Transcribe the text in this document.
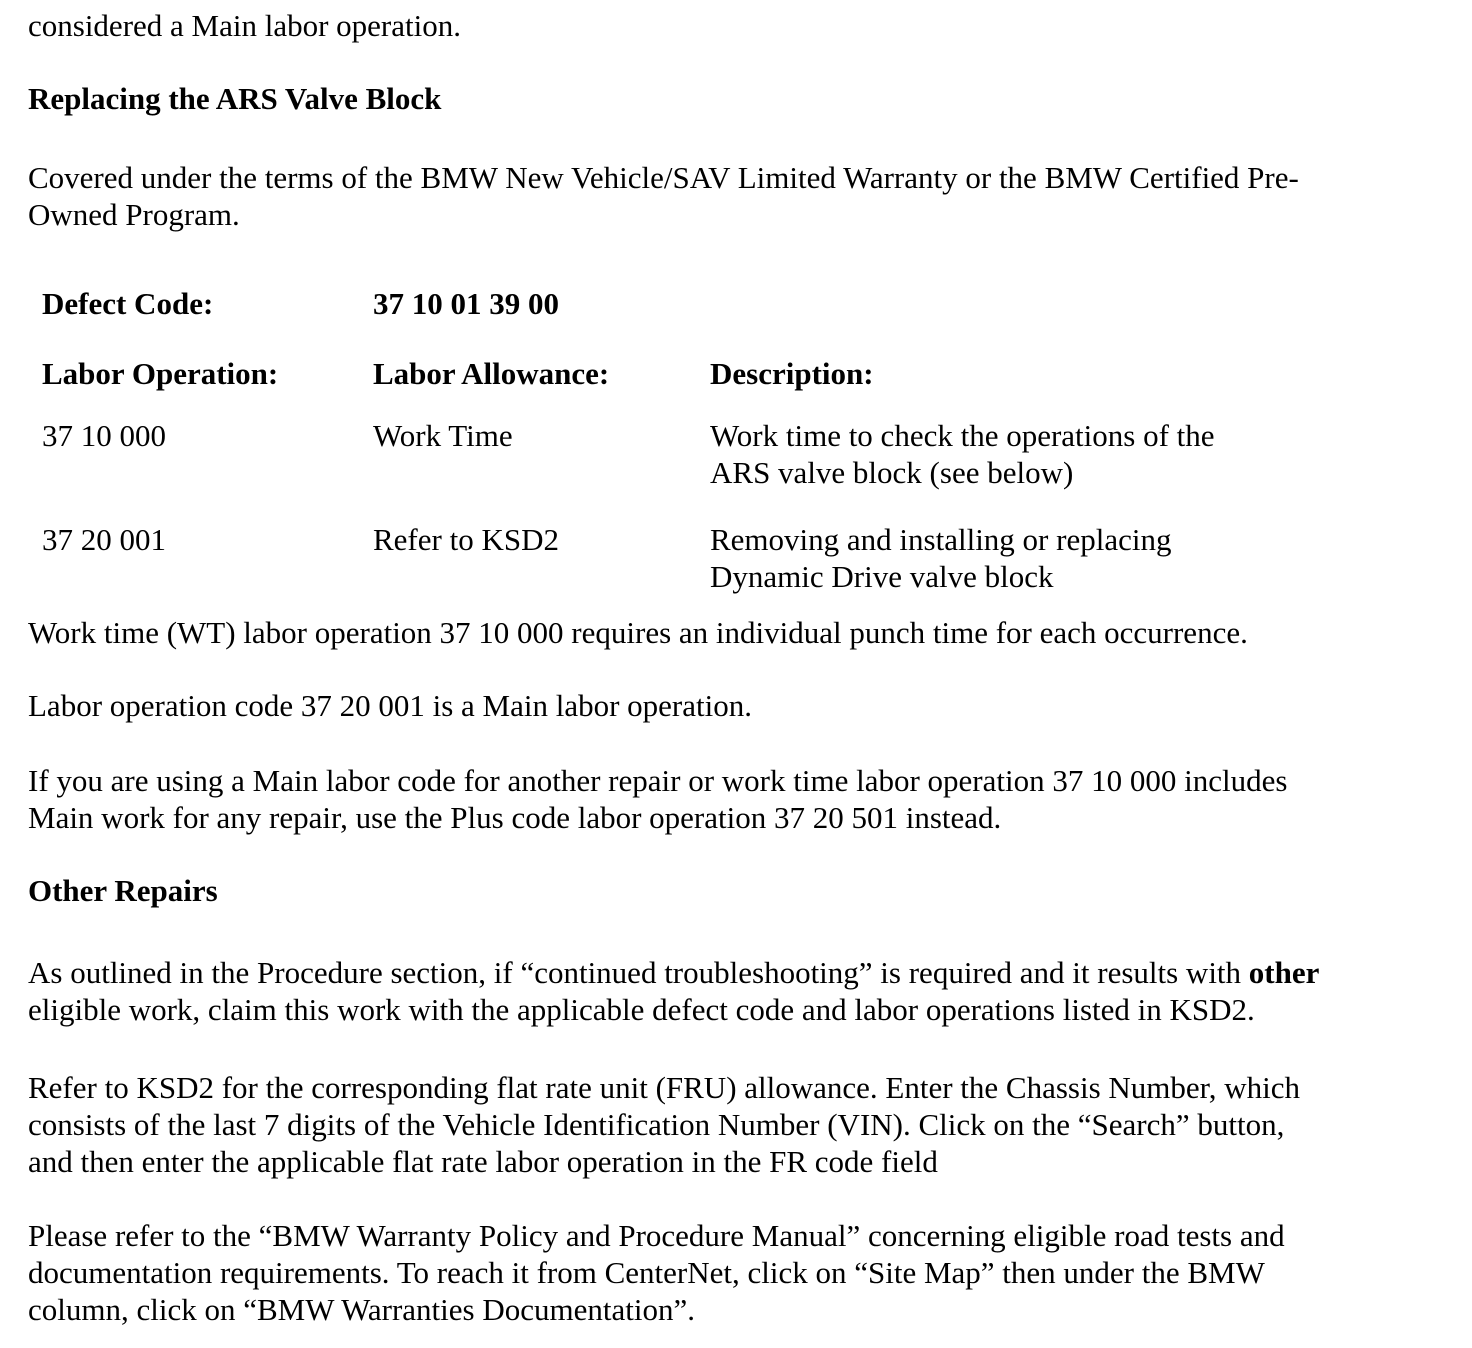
considered a Main labor operation.
Replacing the ARS Valve Block
Covered under the terms of the BMW New Vehicle/SAV Limited Warranty or the BMW Certified Pre-
Owned Program.
Defect Code:	37 10 01 39 00
Labor Operation:	Labor Allowance:	Description:
37 10 000	Work Time	Work time to check the operations of the
ARS valve block (see below)
37 20 001	Refer to KSD2	Removing and installing or replacing
Dynamic Drive valve block
Work time (WT) labor operation 37 10 000 requires an individual punch time for each occurrence.
Labor operation code 37 20 001 is a Main labor operation.
If you are using a Main labor code for another repair or work time labor operation 37 10 000 includes
Main work for any repair, use the Plus code labor operation 37 20 501 instead.
Other Repairs
As outlined in the Procedure section, if “continued troubleshooting” is required and it results with other
eligible work, claim this work with the applicable defect code and labor operations listed in KSD2.
Refer to KSD2 for the corresponding flat rate unit (FRU) allowance. Enter the Chassis Number, which
consists of the last 7 digits of the Vehicle Identification Number (VIN). Click on the “Search” button,
and then enter the applicable flat rate labor operation in the FR code field
Please refer to the “BMW Warranty Policy and Procedure Manual” concerning eligible road tests and
documentation requirements. To reach it from CenterNet, click on “Site Map” then under the BMW
column, click on “BMW Warranties Documentation”.
